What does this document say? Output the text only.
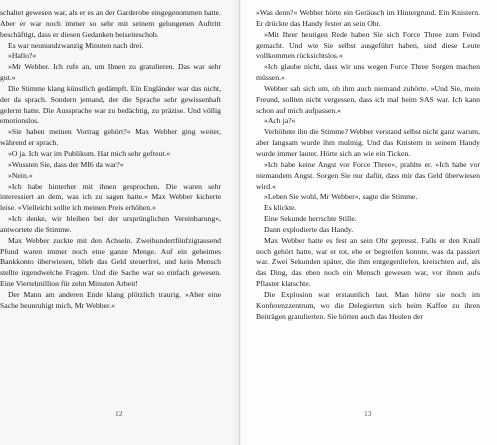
schaltet gewesen war, als er es an der Garderobe eingegenommen hatte. Aber er war noch immer so sehr mit seinem gelungenen Auftritt beschäftigt, dass er diesen Gedanken beiseiteschob.

Es war neunundzwanzig Minuten nach drei.

»Hallo?«

»Mr Webber. Ich rufe an, um Ihnen zu gratulieren. Das war sehr gut.«

Die Stimme klang künstlich gedämpft. Ein Engländer war das nicht, der da sprach. Sondern jemand, der die Sprache sehr gewissenhaft gelernt hatte. Die Aussprache war zu bedächtig, zu präzise. Und völlig emotionslos.

»Sie haben meinen Vortrag gehört?« Max Webber ging weiter, während er sprach.

»O ja. Ich war im Publikum. Hat mich sehr gefreut.«

»Wussten Sie, dass der MI6 da war?«

»Nein.«

»Ich habe hinterher mit ihnen gesprochen. Die waren sehr interessiert an dem, was ich zu sagen hatte.« Max Webber kicherte leise. »Vielleicht sollte ich meinen Preis erhöhen.«

»Ich denke, wir bleiben bei der ursprünglichen Vereinbarung«, antwortete die Stimme.

Max Webber zuckte mit den Achseln. Zweihundertfünfzigtausend Pfund waren immer noch eine ganze Menge. Auf ein geheimes Bankkonto überwiesen, blieb das Geld steuerfrei, und kein Mensch stellte irgendwelche Fragen. Und die Sache war so einfach gewesen. Eine Viertelmillion für zehn Minuten Arbeit!

Der Mann am anderen Ende klang plötzlich traurig. »Aber eine Sache beunruhigt mich, Mr Webber.«

12

»Was denn?« Webber hörte ein Geräusch im Hintergrund. Ein Knistern. Er drückte das Handy fester an sein Ohr.

»Mit Ihrer heutigen Rede haben Sie sich Force Three zum Feind gemacht. Und wie Sie selbst ausgeführt haben, sind diese Leute vollkommen rücksichtslos.«

»Ich glaube nicht, dass wir uns wegen Force Three Sorgen machen müssen.«

Webber sah sich um, ob ihm auch niemand zuhörte. »Und Sie, mein Freund, sollten nicht vergessen, dass ich mal beim SAS war. Ich kann schon auf mich aufpassen.«

»Ach ja?«

Verhöhnte ihn die Stimme? Webber verstand selbst nicht ganz warum, aber langsam wurde ihm mulmig. Und das Knistern in seinem Handy wurde immer lauter. Hörte sich an wie ein Ticken.

»Ich habe keine Angst vor Force Three«, prahlte er. »Ich habe vor niemandem Angst. Sorgen Sie nur dafür, dass mir das Geld überwiesen wird.«

»Leben Sie wohl, Mr Webber«, sagte die Stimme.

Es klickte.

Eine Sekunde herrschte Stille.

Dann explodierte das Handy.

Max Webber hatte es fest an sein Ohr gepresst. Falls er den Knall noch gehört hatte, war er tot, ehe er begreifen konnte, was da passiert war. Zwei Sekunden später, die ihm entgegenliefen, kreischten auf, als das Ding, das eben noch ein Mensch gewesen war, vor ihnen aufs Pflaster klatschte.

Die Explosion war erstaunlich laut. Man hörte sie noch im Konferenzzentrum, wo die Delegierten sich beim Kaffee zu ihren Beiträgen gratulierten. Sie hörten auch das Heulen der

13
